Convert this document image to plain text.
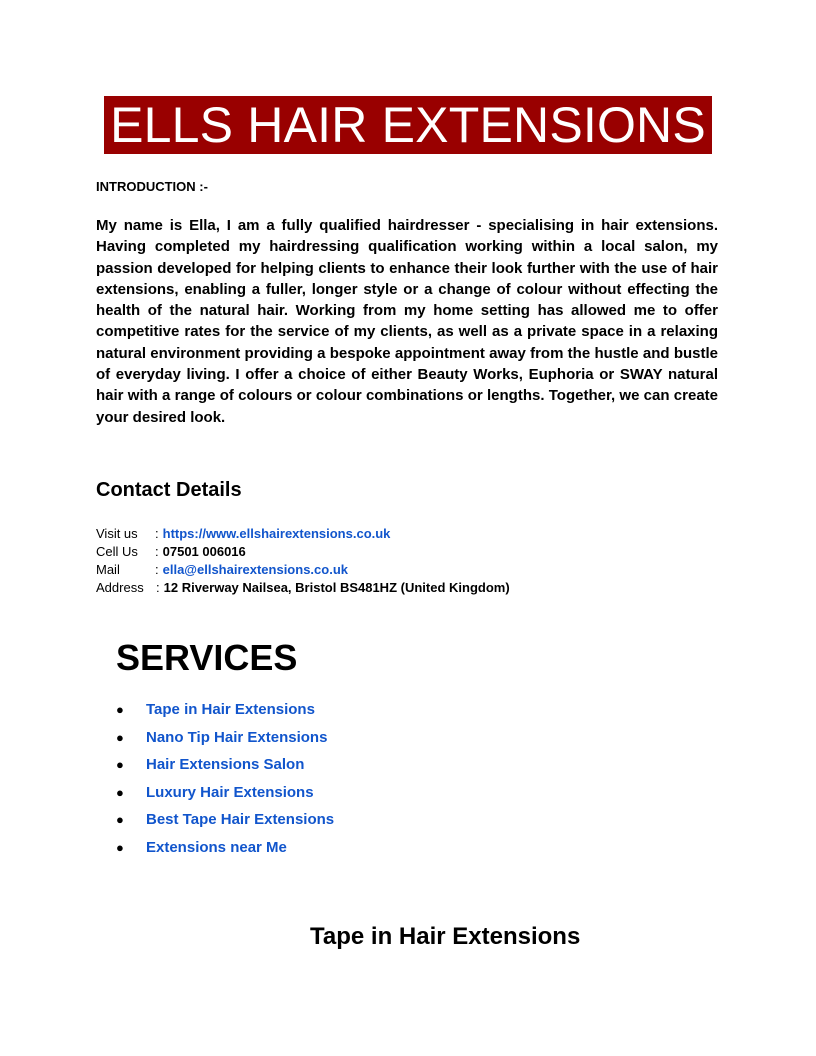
ELLS HAIR EXTENSIONS
INTRODUCTION :-
My name is Ella, I am a fully qualified hairdresser - specialising in hair extensions. Having completed my hairdressing qualification working within a local salon, my passion developed for helping clients to enhance their look further with the use of hair extensions, enabling a fuller, longer style or a change of colour without effecting the health of the natural hair. Working from my home setting has allowed me to offer competitive rates for the service of my clients, as well as a private space in a relaxing natural environment providing a bespoke appointment away from the hustle and bustle of everyday living. I offer a choice of either Beauty Works, Euphoria or SWAY natural hair with a range of colours or colour combinations or lengths. Together, we can create your desired look.
Contact Details
Visit us	: https://www.ellshairextensions.co.uk
Cell Us	: 07501 006016
Mail	: ella@ellshairextensions.co.uk
Address : 12 Riverway Nailsea, Bristol BS481HZ (United Kingdom)
SERVICES
●	Tape in Hair Extensions
●	Nano Tip Hair Extensions
●	Hair Extensions Salon
●	Luxury Hair Extensions
●	Best Tape Hair Extensions
●	Extensions near Me
Tape in Hair Extensions
